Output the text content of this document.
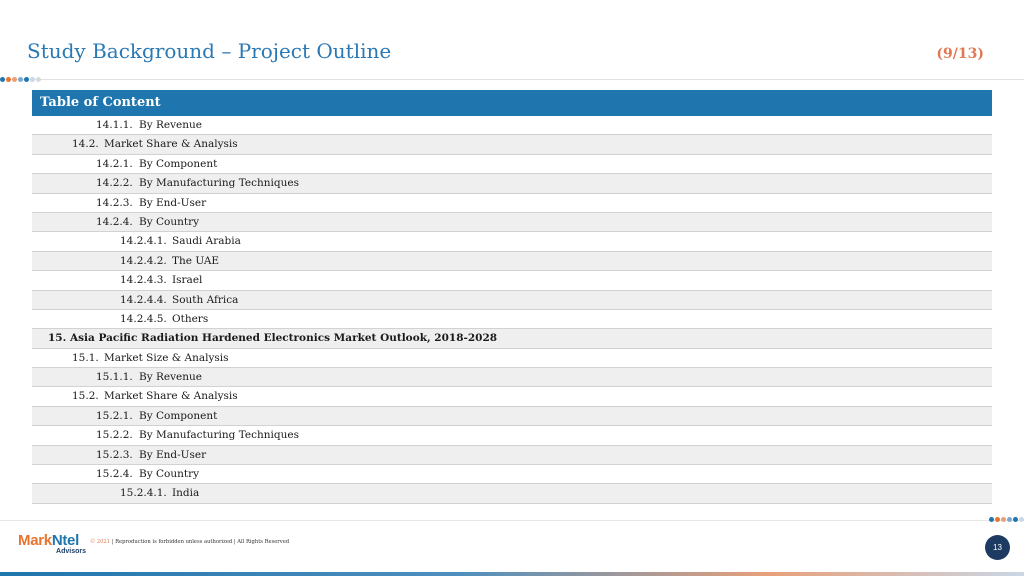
Study Background – Project Outline	(9/13)
Table of Content
14.1.1. By Revenue
14.2. Market Share & Analysis
14.2.1. By Component
14.2.2. By Manufacturing Techniques
14.2.3. By End-User
14.2.4. By Country
14.2.4.1. Saudi Arabia
14.2.4.2. The UAE
14.2.4.3. Israel
14.2.4.4. South Africa
14.2.4.5. Others
15. Asia Pacific Radiation Hardened Electronics Market Outlook, 2018-2028
15.1. Market Size & Analysis
15.1.1. By Revenue
15.2. Market Share & Analysis
15.2.1. By Component
15.2.2. By Manufacturing Techniques
15.2.3. By End-User
15.2.4. By Country
15.2.4.1. India
MarkNtel
Advisors
© 2021 | Reproduction is forbidden unless authorized | All Rights Reserved
13
